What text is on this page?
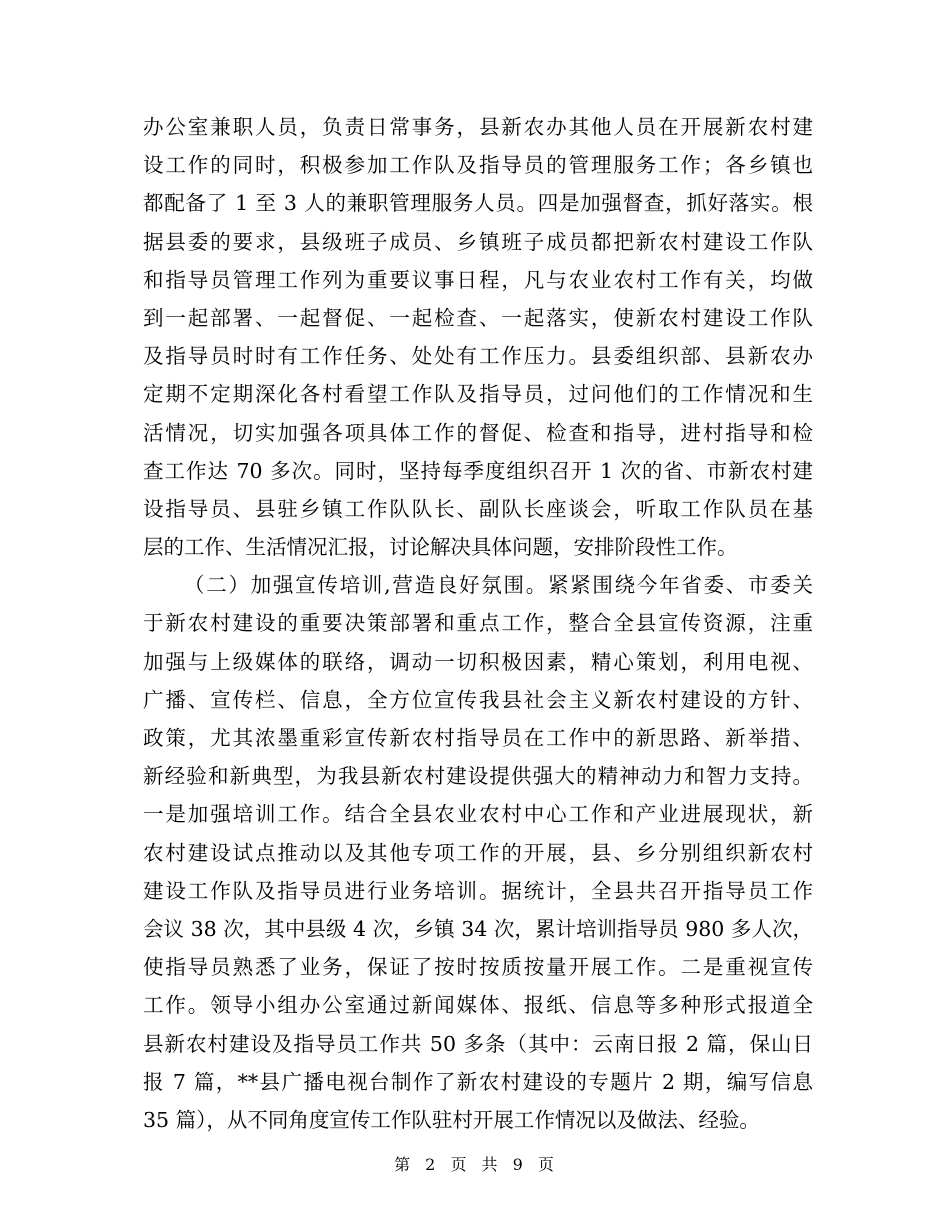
办公室兼职人员，负责日常事务，县新农办其他人员在开展新农村建
设工作的同时，积极参加工作队及指导员的管理服务工作；各乡镇也
都配备了 1 至 3 人的兼职管理服务人员。四是加强督查，抓好落实。根
据县委的要求，县级班子成员、乡镇班子成员都把新农村建设工作队
和指导员管理工作列为重要议事日程，凡与农业农村工作有关，均做
到一起部署、一起督促、一起检查、一起落实，使新农村建设工作队
及指导员时时有工作任务、处处有工作压力。县委组织部、县新农办
定期不定期深化各村看望工作队及指导员，过问他们的工作情况和生
活情况，切实加强各项具体工作的督促、检查和指导，进村指导和检
查工作达 70 多次。同时，坚持每季度组织召开 1 次的省、市新农村建
设指导员、县驻乡镇工作队队长、副队长座谈会，听取工作队员在基
层的工作、生活情况汇报，讨论解决具体问题，安排阶段性工作。
（二）加强宣传培训,营造良好氛围。紧紧围绕今年省委、市委关
于新农村建设的重要决策部署和重点工作，整合全县宣传资源，注重
加强与上级媒体的联络，调动一切积极因素，精心策划，利用电视、
广播、宣传栏、信息，全方位宣传我县社会主义新农村建设的方针、
政策，尤其浓墨重彩宣传新农村指导员在工作中的新思路、新举措、
新经验和新典型，为我县新农村建设提供强大的精神动力和智力支持。
一是加强培训工作。结合全县农业农村中心工作和产业进展现状，新
农村建设试点推动以及其他专项工作的开展，县、乡分别组织新农村
建设工作队及指导员进行业务培训。据统计，全县共召开指导员工作
会议 38 次，其中县级 4 次，乡镇 34 次，累计培训指导员 980 多人次，
使指导员熟悉了业务，保证了按时按质按量开展工作。二是重视宣传
工作。领导小组办公室通过新闻媒体、报纸、信息等多种形式报道全
县新农村建设及指导员工作共 50 多条（其中：云南日报 2 篇，保山日
报 7 篇，**县广播电视台制作了新农村建设的专题片 2 期，编写信息
35 篇），从不同角度宣传工作队驻村开展工作情况以及做法、经验。
第 2 页 共 9 页
